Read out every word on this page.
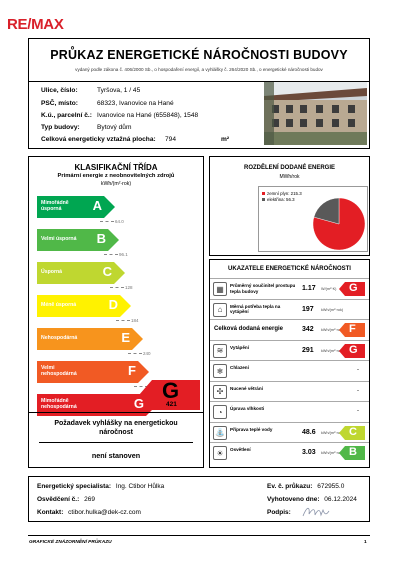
RE/MAX
PRŮKAZ ENERGETICKÉ NÁROČNOSTI BUDOVY
vydaný podle zákona č. 406/2000 Sb., o hospodaření energií, a vyhlášky č. 264/2020 Sb., o energetické náročnosti budov
Ulice, číslo:	Tyršova, 1 / 45
PSČ, místo:	68323, Ivanovice na Hané
K.ú., parcelní č.: Ivanovice na Hané (655848), 1548
Typ budovy:	Bytový dům
Celková energeticky vztažná plocha: 794	m²
KLASIFIKAČNÍ TŘÍDA
Primární energie z neobnovitelných zdrojů
kWh/(m²·rok)
Mimořádně úsporná	A
64.0
Velmi úsporná B
96.1
Úsporná	C
128
Méně úsporná D
184
Nehospodárná	E
240
Velmi nehospodárná	F
Mimořádně nehospodárná	G
G
421
Požadavek vyhlášky na energetickou náročnost
není stanoven
ROZDĚLENÍ DODANÉ ENERGIE
MWh/rok
zemní plyn: 215.3
elektřina: 56.3
UKAZATELE ENERGETICKÉ NÁROČNOSTI
▦	Průměrný součinitel prostupu tepla budovy	1.17 W/(m²·K) G
⌂	Měrná potřeba tepla na vytápění	197 kWh/(m²·rok)
Celková dodaná energie	342 kWh/(m²·rok) F
≋	Vytápění	291 kWh/(m²·rok) G
❄	Chlazení	-
✣	Nucené větrání	-
◔	Úprava vlhkosti	-
⛲	Příprava teplé vody	48.6 kWh/(m²·rok) C
☀	Osvětlení	3.03 kWh/(m²·rok) B
Energetický specialista: Ing. Ctibor Hůlka
Osvědčení č.: 269
Kontakt: ctibor.hulka@dek-cz.com
Ev. č. průkazu: 672955.0
Vyhotoveno dne: 06.12.2024
Podpis:
GRAFICKÉ ZNÁZORNĚNÍ PRŮKAZU	1
